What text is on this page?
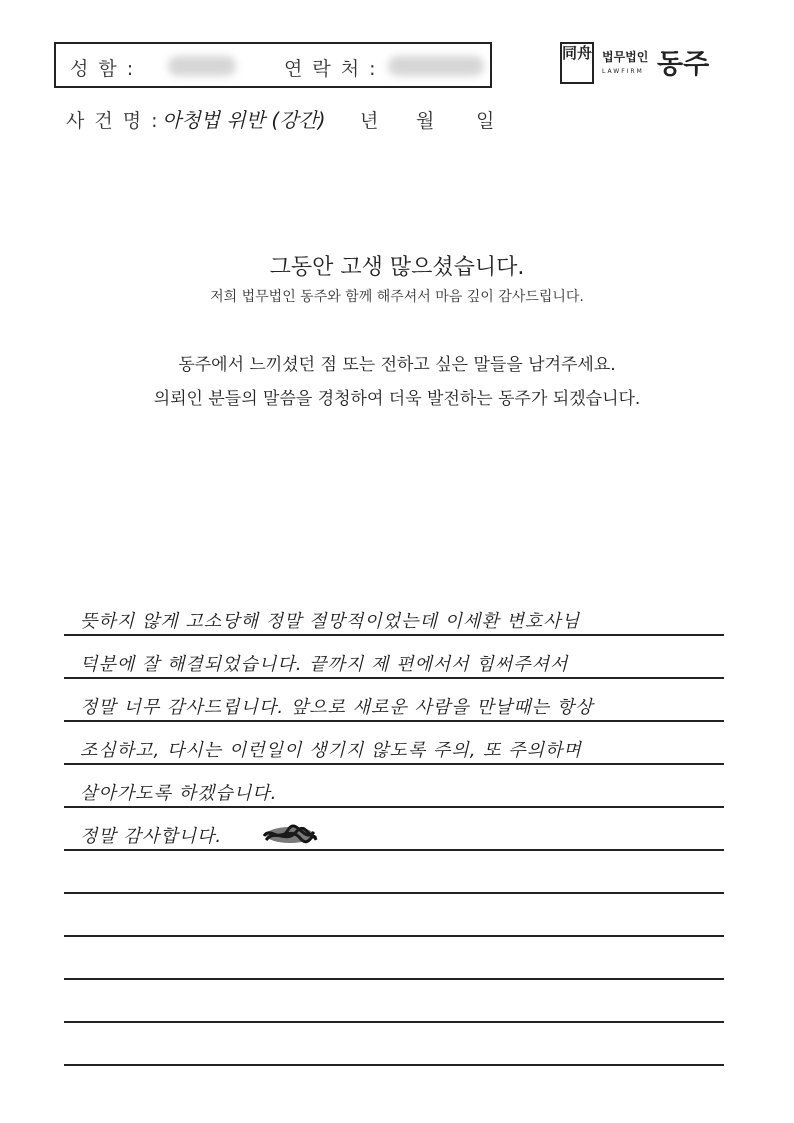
성 함 :	연 락 처 :
同舟 법무법인
LAWFIRM 동주
사 건 명 : 아청법 위반 (강간) 년 월 일
그동안 고생 많으셨습니다.
저희 법무법인 동주와 함께 해주셔서 마음 깊이 감사드립니다.
동주에서 느끼셨던 점 또는 전하고 싶은 말들을 남겨주세요.
의뢰인 분들의 말씀을 경청하여 더욱 발전하는 동주가 되겠습니다.
뜻하지 않게 고소당해 정말 절망적이었는데 이세환 변호사님
덕분에 잘 해결되었습니다. 끝까지 제 편에서서 힘써주셔서
정말 너무 감사드립니다. 앞으로 새로운 사람을 만날때는 항상
조심하고, 다시는 이런일이 생기지 않도록 주의, 또 주의하며
살아가도록 하겠습니다.
정말 감사합니다.
